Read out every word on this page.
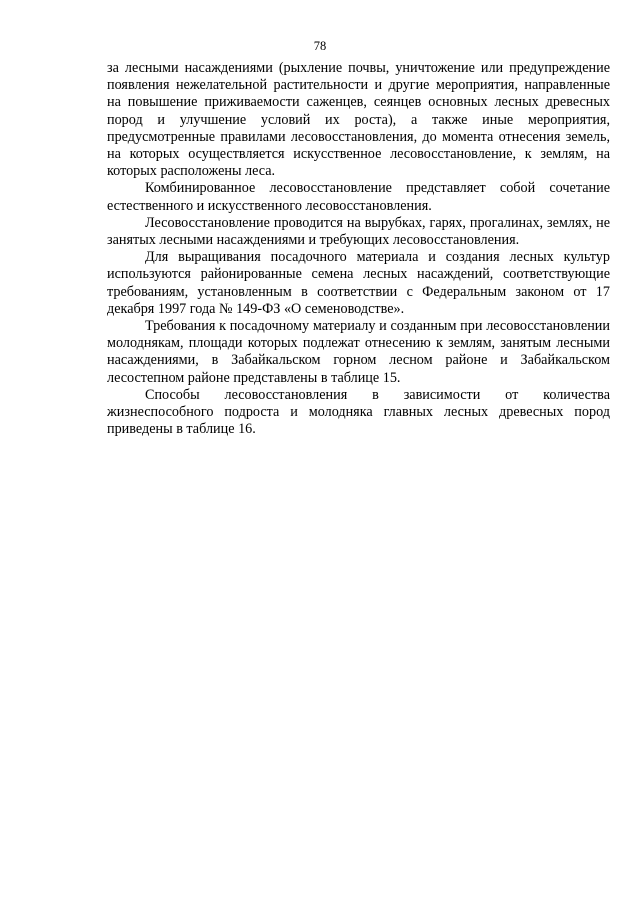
78

за лесными насаждениями (рыхление почвы, уничтожение или предупреждение появления нежелательной растительности и другие мероприятия, направленные на повышение приживаемости саженцев, сеянцев основных лесных древесных пород и улучшение условий их роста), а также иные мероприятия, предусмотренные правилами лесовосстановления, до момента отнесения земель, на которых осуществляется искусственное лесовосстановление, к землям, на которых расположены леса.

Комбинированное лесовосстановление представляет собой сочетание естественного и искусственного лесовосстановления.

Лесовосстановление проводится на вырубках, гарях, прогалинах, землях, не занятых лесными насаждениями и требующих лесовосстановления.

Для выращивания посадочного материала и создания лесных культур используются районированные семена лесных насаждений, соответствующие требованиям, установленным в соответствии с Федеральным законом от 17 декабря 1997 года № 149-ФЗ «О семеноводстве».

Требования к посадочному материалу и созданным при лесовосстановлении молоднякам, площади которых подлежат отнесению к землям, занятым лесными насаждениями, в Забайкальском горном лесном районе и Забайкальском лесостепном районе представлены в таблице 15.

Способы лесовосстановления в зависимости от количества жизнеспособного подроста и молодняка главных лесных древесных пород приведены в таблице 16.
